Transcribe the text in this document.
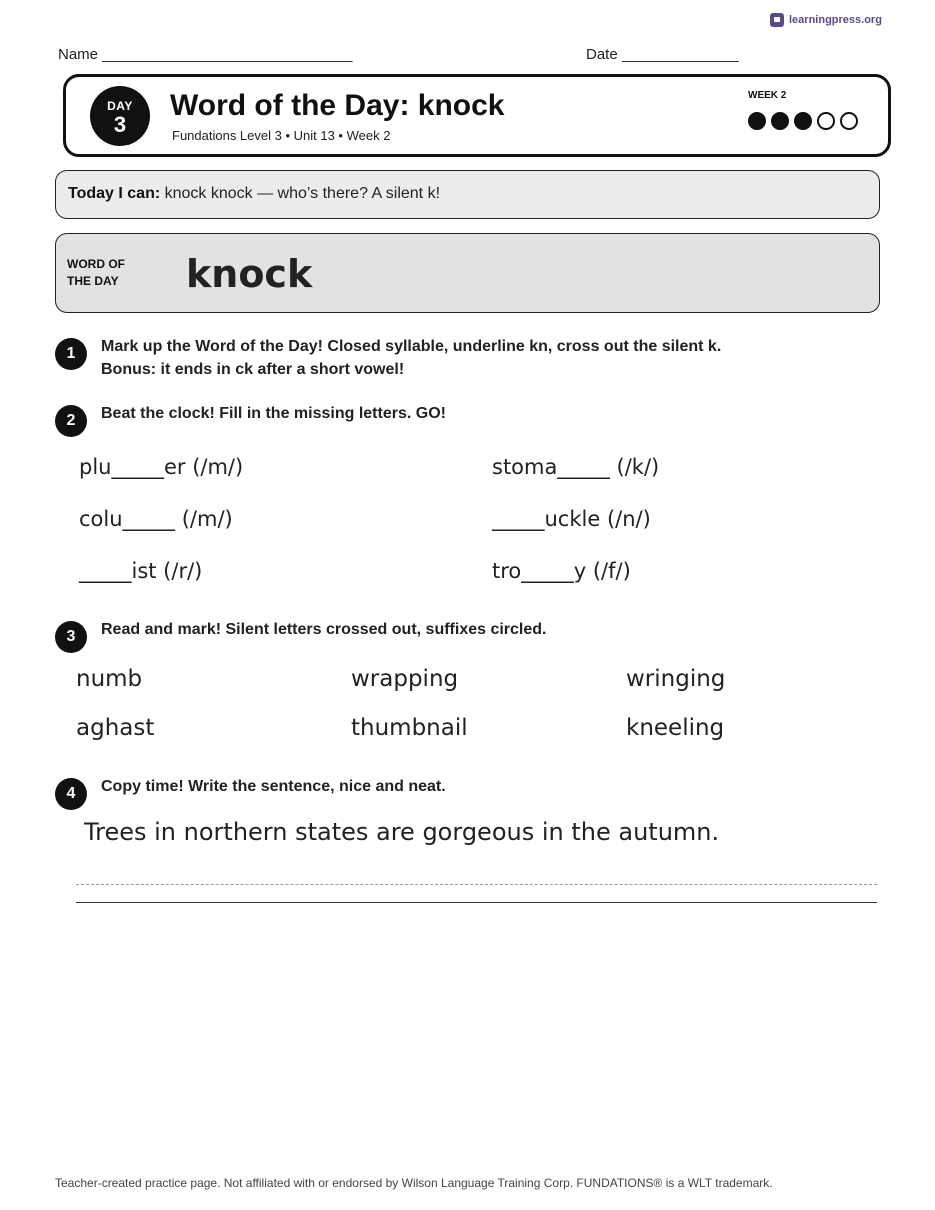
learningpress.org
Name ______________________________	Date ______________
DAY
3
Word of the Day: knock
Fundations Level 3 • Unit 13 • Week 2
WEEK 2
Today I can: knock knock — who’s there? A silent k!
WORD OF
THE DAY knock
1	Mark up the Word of the Day! Closed syllable, underline kn, cross out the silent k.
Bonus: it ends in ck after a short vowel!
2	Beat the clock! Fill in the missing letters. GO!
plu_____er (/m/)	stoma_____ (/k/)
colu_____ (/m/)	_____uckle (/n/)
_____ist (/r/)	tro_____y (/f/)
3	Read and mark! Silent letters crossed out, suffixes circled.
numb	wrapping	wringing
aghast	thumbnail	kneeling
4	Copy time! Write the sentence, nice and neat.
Trees in northern states are gorgeous in the autumn.
Teacher-created practice page. Not affiliated with or endorsed by Wilson Language Training Corp. FUNDATIONS® is a WLT trademark.
